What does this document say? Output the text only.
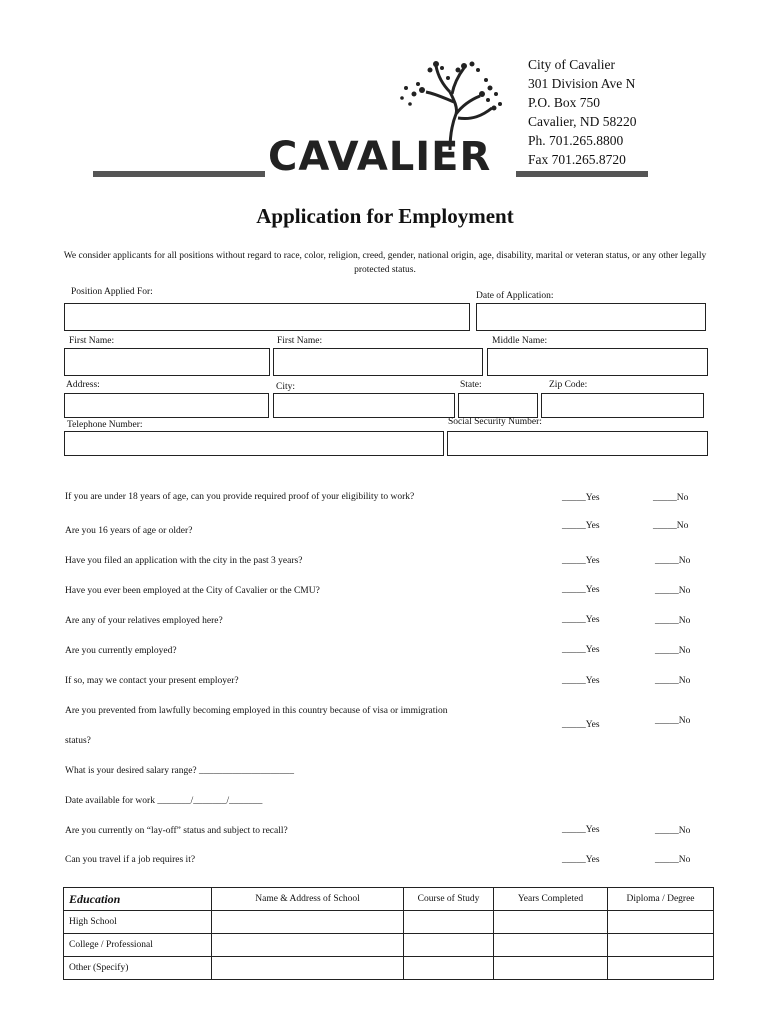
CAVALIER
City of Cavalier
301 Division Ave N
P.O. Box 750
Cavalier, ND 58220
Ph. 701.265.8800
Fax 701.265.8720
Application for Employment
We consider applicants for all positions without regard to race, color, religion, creed, gender, national origin, age, disability, marital or veteran status, or any other legally protected status.
Position Applied For:	Date of Application:
First Name:	First Name:	Middle Name:
Address:	City:	State:	Zip Code:
Telephone Number:	Social Security Number:
If you are under 18 years of age, can you provide required proof of your eligibility to work?	_____Yes	_____No
Are you 16 years of age or older?	_____Yes	_____No
Have you filed an application with the city in the past 3 years?	_____Yes	_____No
Have you ever been employed at the City of Cavalier or the CMU?	_____Yes	_____No
Are any of your relatives employed here?	_____Yes	_____No
Are you currently employed?	_____Yes	_____No
If so, may we contact your present employer?	_____Yes	_____No
Are you prevented from lawfully becoming employed in this country because of visa or immigration
status?
_____Yes	_____No
What is your desired salary range? ____________________
Date available for work _______/_______/_______
Are you currently on “lay-off” status and subject to recall?	_____Yes	_____No
Can you travel if a job requires it?	_____Yes	_____No
Education	Name & Address of School	Course of Study	Years Completed	Diploma / Degree
High School				
College / Professional				
Other (Specify)				
